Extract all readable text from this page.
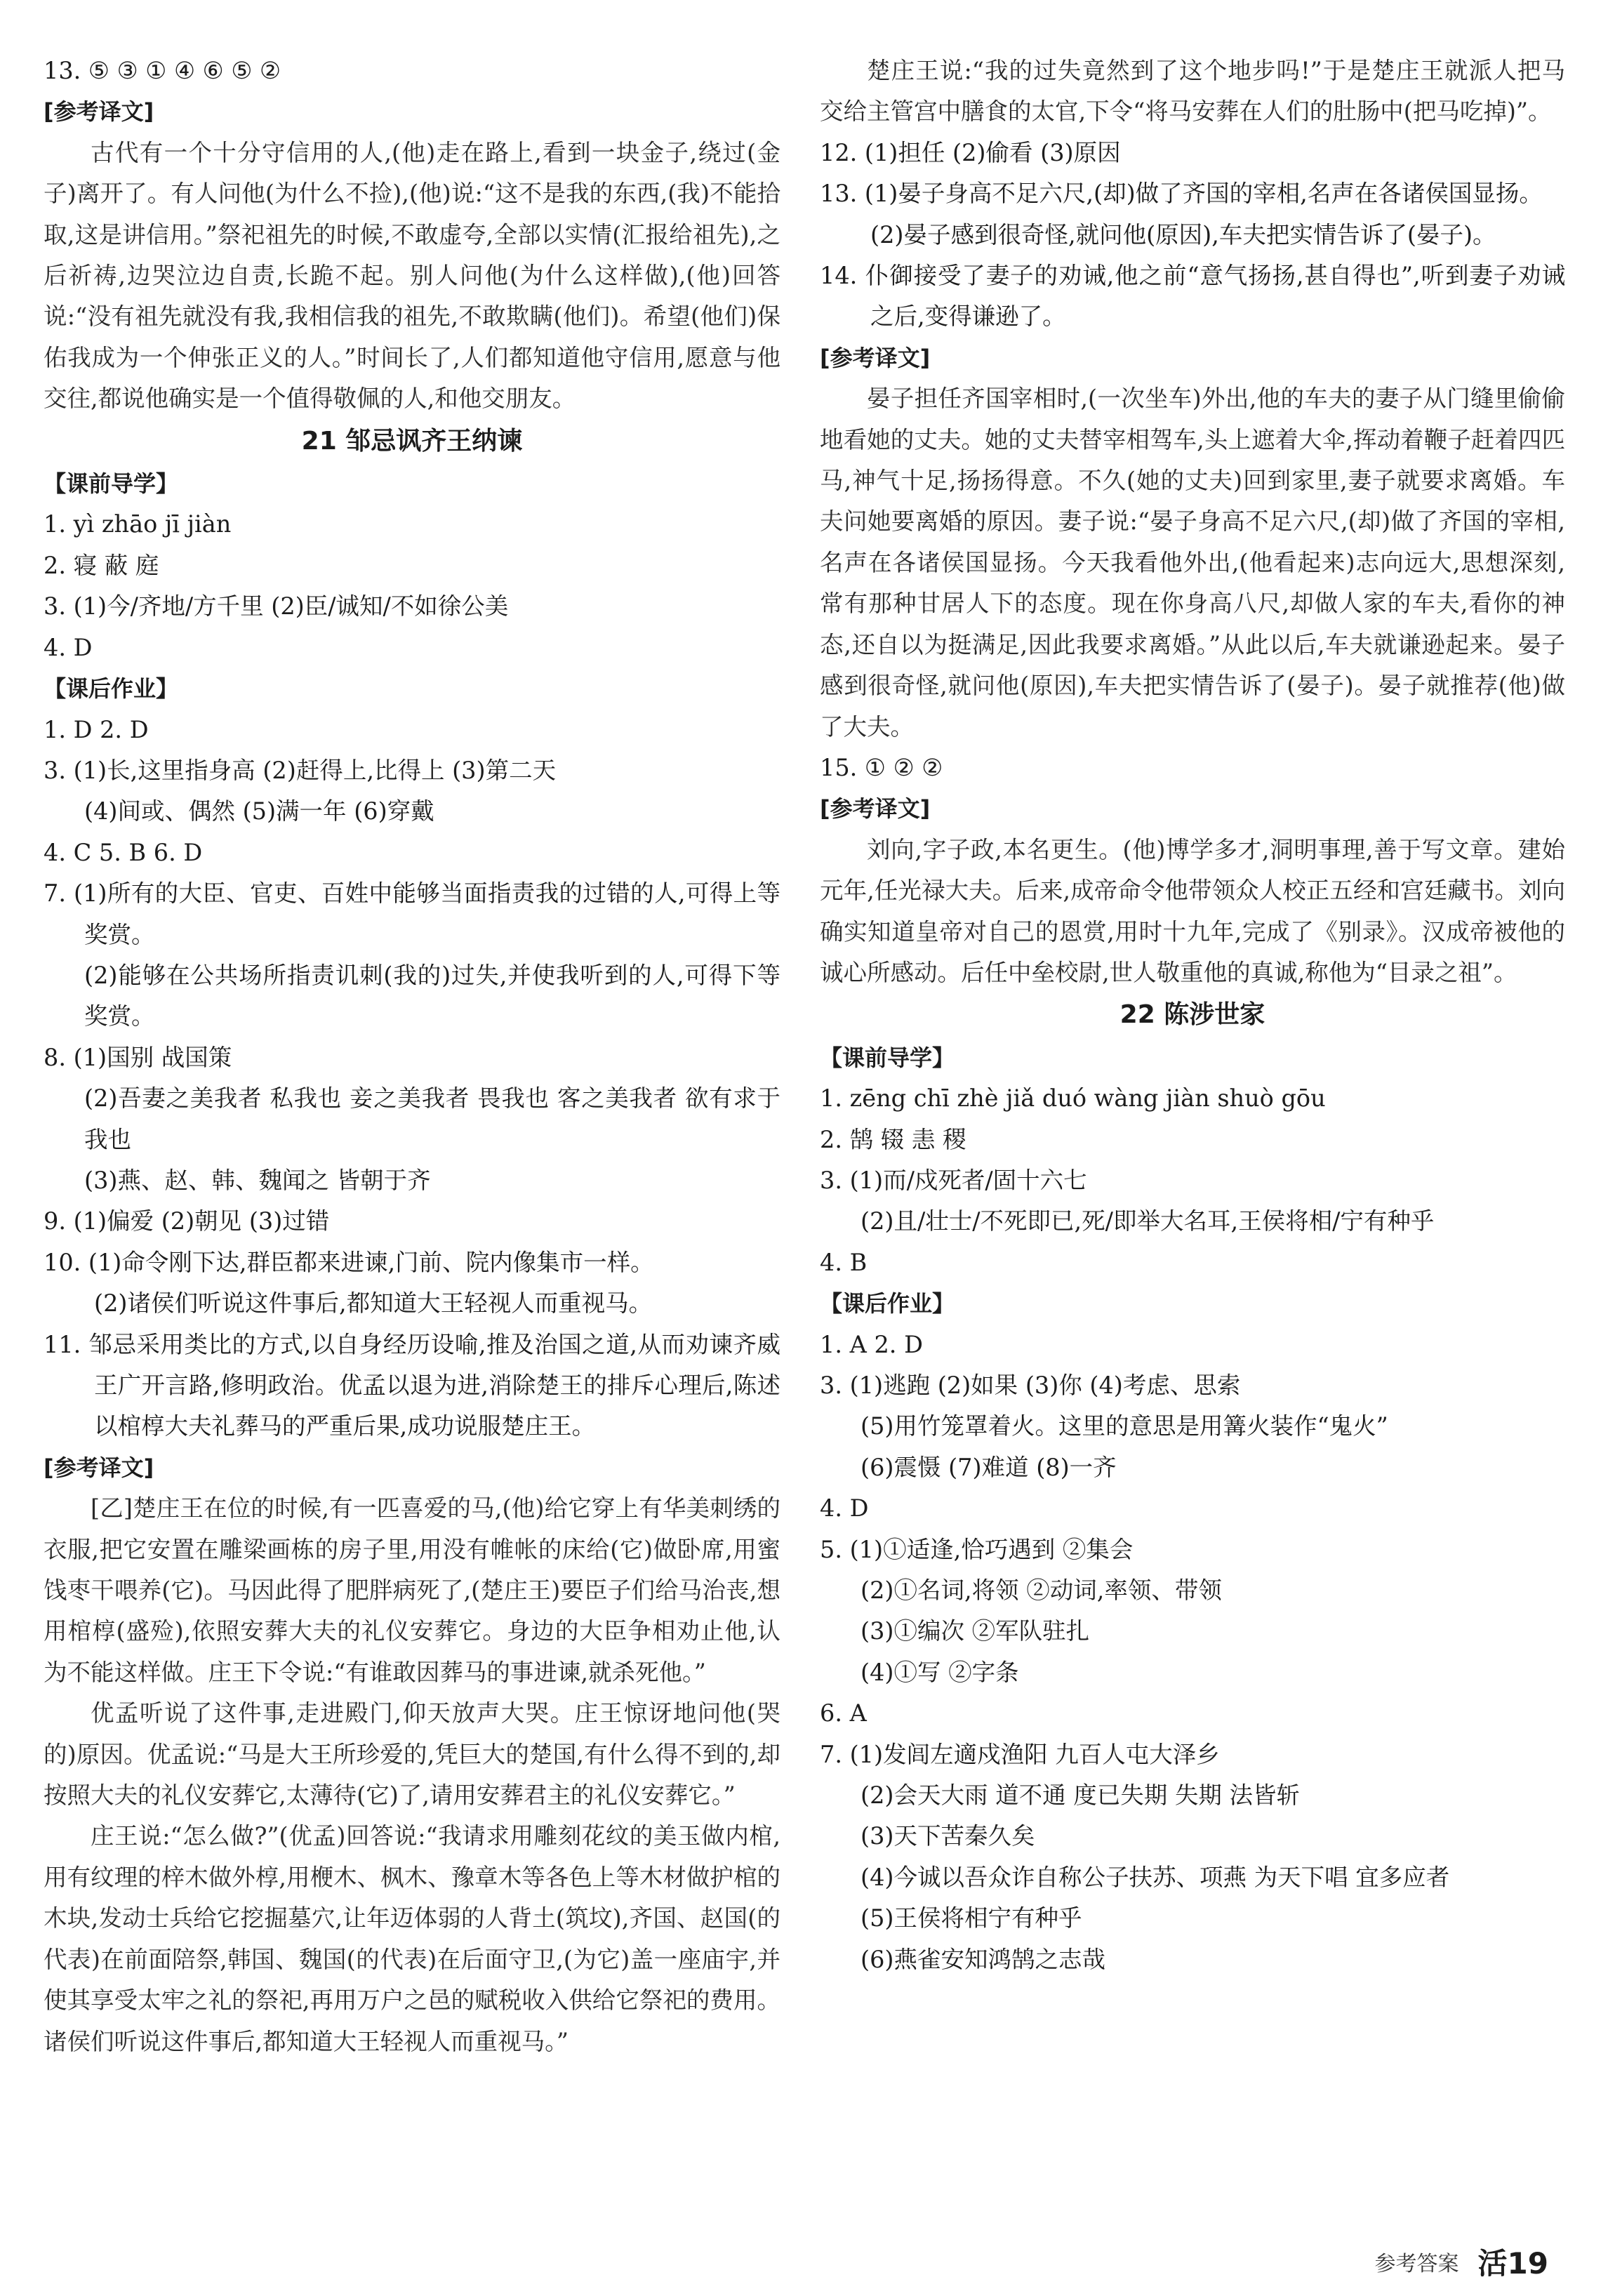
13. ⑤ ③ ① ④ ⑥ ⑤ ②

[参考译文]

古代有一个十分守信用的人,(他)走在路上,看到一块金子,绕过(金子)离开了。有人问他(为什么不捡),(他)说:“这不是我的东西,(我)不能拾取,这是讲信用。”祭祀祖先的时候,不敢虚夸,全部以实情(汇报给祖先),之后祈祷,边哭泣边自责,长跪不起。别人问他(为什么这样做),(他)回答说:“没有祖先就没有我,我相信我的祖先,不敢欺瞒(他们)。希望(他们)保佑我成为一个伸张正义的人。”时间长了,人们都知道他守信用,愿意与他交往,都说他确实是一个值得敬佩的人,和他交朋友。

21 邹忌讽齐王纳谏

【课前导学】

1. yì zhāo jī jiàn

2. 寝 蔽 庭

3. (1)今/齐地/方千里 (2)臣/诚知/不如徐公美

4. D

【课后作业】

1. D 2. D

3. (1)长,这里指身高 (2)赶得上,比得上 (3)第二天

(4)间或、偶然 (5)满一年 (6)穿戴

4. C 5. B 6. D

7. (1)所有的大臣、官吏、百姓中能够当面指责我的过错的人,可得上等奖赏。

(2)能够在公共场所指责讥刺(我的)过失,并使我听到的人,可得下等奖赏。

8. (1)国别 战国策

(2)吾妻之美我者 私我也 妾之美我者 畏我也 客之美我者 欲有求于我也

(3)燕、赵、韩、魏闻之 皆朝于齐

9. (1)偏爱 (2)朝见 (3)过错

10. (1)命令刚下达,群臣都来进谏,门前、院内像集市一样。

(2)诸侯们听说这件事后,都知道大王轻视人而重视马。

11. 邹忌采用类比的方式,以自身经历设喻,推及治国之道,从而劝谏齐威王广开言路,修明政治。优孟以退为进,消除楚王的排斥心理后,陈述以棺椁大夫礼葬马的严重后果,成功说服楚庄王。

[参考译文]

[乙]楚庄王在位的时候,有一匹喜爱的马,(他)给它穿上有华美刺绣的衣服,把它安置在雕梁画栋的房子里,用没有帷帐的床给(它)做卧席,用蜜饯枣干喂养(它)。马因此得了肥胖病死了,(楚庄王)要臣子们给马治丧,想用棺椁(盛殓),依照安葬大夫的礼仪安葬它。身边的大臣争相劝止他,认为不能这样做。庄王下令说:“有谁敢因葬马的事进谏,就杀死他。”

优孟听说了这件事,走进殿门,仰天放声大哭。庄王惊讶地问他(哭的)原因。优孟说:“马是大王所珍爱的,凭巨大的楚国,有什么得不到的,却按照大夫的礼仪安葬它,太薄待(它)了,请用安葬君主的礼仪安葬它。”

庄王说:“怎么做?”(优孟)回答说:“我请求用雕刻花纹的美玉做内棺,用有纹理的梓木做外椁,用楩木、枫木、豫章木等各色上等木材做护棺的木块,发动士兵给它挖掘墓穴,让年迈体弱的人背土(筑坟),齐国、赵国(的代表)在前面陪祭,韩国、魏国(的代表)在后面守卫,(为它)盖一座庙宇,并使其享受太牢之礼的祭祀,再用万户之邑的赋税收入供给它祭祀的费用。诸侯们听说这件事后,都知道大王轻视人而重视马。”

楚庄王说:“我的过失竟然到了这个地步吗!”于是楚庄王就派人把马交给主管宫中膳食的太官,下令“将马安葬在人们的肚肠中(把马吃掉)”。

12. (1)担任 (2)偷看 (3)原因

13. (1)晏子身高不足六尺,(却)做了齐国的宰相,名声在各诸侯国显扬。

(2)晏子感到很奇怪,就问他(原因),车夫把实情告诉了(晏子)。

14. 仆御接受了妻子的劝诫,他之前“意气扬扬,甚自得也”,听到妻子劝诫之后,变得谦逊了。

[参考译文]

晏子担任齐国宰相时,(一次坐车)外出,他的车夫的妻子从门缝里偷偷地看她的丈夫。她的丈夫替宰相驾车,头上遮着大伞,挥动着鞭子赶着四匹马,神气十足,扬扬得意。不久(她的丈夫)回到家里,妻子就要求离婚。车夫问她要离婚的原因。妻子说:“晏子身高不足六尺,(却)做了齐国的宰相,名声在各诸侯国显扬。今天我看他外出,(他看起来)志向远大,思想深刻,常有那种甘居人下的态度。现在你身高八尺,却做人家的车夫,看你的神态,还自以为挺满足,因此我要求离婚。”从此以后,车夫就谦逊起来。晏子感到很奇怪,就问他(原因),车夫把实情告诉了(晏子)。晏子就推荐(他)做了大夫。

15. ① ② ②

[参考译文]

刘向,字子政,本名更生。(他)博学多才,洞明事理,善于写文章。建始元年,任光禄大夫。后来,成帝命令他带领众人校正五经和宫廷藏书。刘向确实知道皇帝对自己的恩赏,用时十九年,完成了《别录》。汉成帝被他的诚心所感动。后任中垒校尉,世人敬重他的真诚,称他为“目录之祖”。

22 陈涉世家

【课前导学】

1. zēng chī zhè jiǎ duó wàng jiàn shuò gōu

2. 鹄 辍 恚 稷

3. (1)而/戍死者/固十六七

(2)且/壮士/不死即已,死/即举大名耳,王侯将相/宁有种乎

4. B

【课后作业】

1. A 2. D

3. (1)逃跑 (2)如果 (3)你 (4)考虑、思索

(5)用竹笼罩着火。这里的意思是用篝火装作“鬼火”

(6)震慑 (7)难道 (8)一齐

4. D

5. (1)①适逢,恰巧遇到 ②集会

(2)①名词,将领 ②动词,率领、带领

(3)①编次 ②军队驻扎

(4)①写 ②字条

6. A

7. (1)发闾左適戍渔阳 九百人屯大泽乡

(2)会天大雨 道不通 度已失期 失期 法皆斩

(3)天下苦秦久矣

(4)今诚以吾众诈自称公子扶苏、项燕 为天下唱 宜多应者

(5)王侯将相宁有种乎

(6)燕雀安知鸿鹄之志哉

参考答案 活19
